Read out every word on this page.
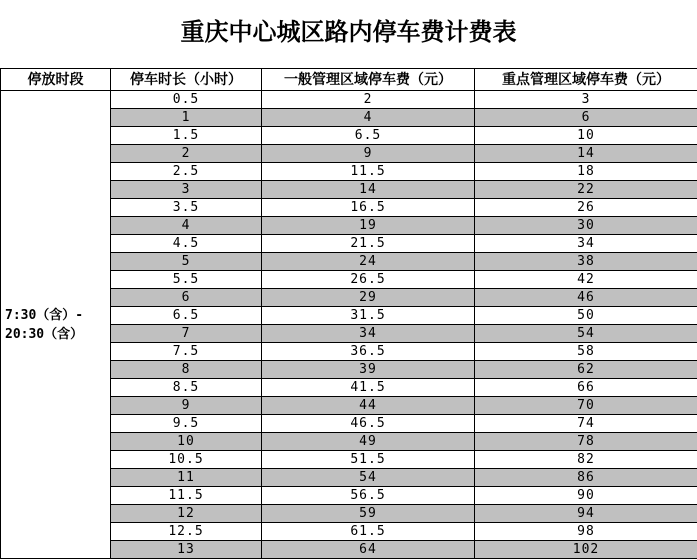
重庆中心城区路内停车费计费表
停放时段	停车时长（小时）	一般管理区域停车费（元）	重点管理区域停车费（元）
7:30（含）- 20:30（含）	0.5	2	3
	1	4	6
	1.5	6.5	10
	2	9	14
	2.5	11.5	18
	3	14	22
	3.5	16.5	26
	4	19	30
	4.5	21.5	34
	5	24	38
	5.5	26.5	42
	6	29	46
	6.5	31.5	50
	7	34	54
	7.5	36.5	58
	8	39	62
	8.5	41.5	66
	9	44	70
	9.5	46.5	74
	10	49	78
	10.5	51.5	82
	11	54	86
	11.5	56.5	90
	12	59	94
	12.5	61.5	98
	13	64	102
